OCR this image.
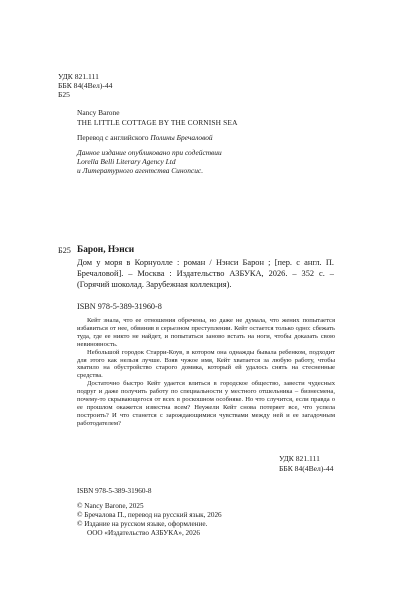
УДК 821.111
ББК 84(4Вел)-44
Б25
Nancy Barone
THE LITTLE COTTAGE BY THE CORNISH SEA
Перевод с английского Полины Бречаловой
Данное издание опубликовано при содействии
Lorella Belli Literary Agency Ltd
и Литературного агентства Синопсис.
Б25 Барон, Нэнси
Дом у моря в Корнуолле : роман / Нэнси Барон ; [пер. с англ. П. Бречаловой]. – Москва : Издательство АЗБУКА, 2026. – 352 с. – (Горячий шоколад. Зарубежная коллекция).
ISBN 978-5-389-31960-8

Кейт знала, что ее отношения обречены, но даже не думала, что жених попытается избавиться от нее, обвинив в серьезном преступлении. Кейт остается только одно: сбежать туда, где ее никто не найдет, и попытаться заново встать на ноги, чтобы доказать свою невиновность.

Небольшой городок Старри-Коув, в котором она однажды бывала ребенком, подходит для этого как нельзя лучше. Взяв чужое имя, Кейт хватается за любую работу, чтобы хватило на обустройство старого домика, который ей удалось снять на стесненные средства.

Достаточно быстро Кейт удается влиться в городское общество, завести чудесных подруг и даже получить работу по специальности у местного отшельника – бизнесмена, почему-то скрывающегося от всех в роскошном особняке. Но что случится, если правда о ее прошлом окажется известна всем? Неужели Кейт снова потеряет все, что успела построить? И что станется с зарождающимися чувствами между ней и ее загадочным работодателем?

УДК 821.111
ББК 84(4Вел)-44
ISBN 978-5-389-31960-8
© Nancy Barone, 2025
© Бречалова П., перевод на русский язык, 2026
© Издание на русском языке, оформление.
ООО «Издательство АЗБУКА», 2026
